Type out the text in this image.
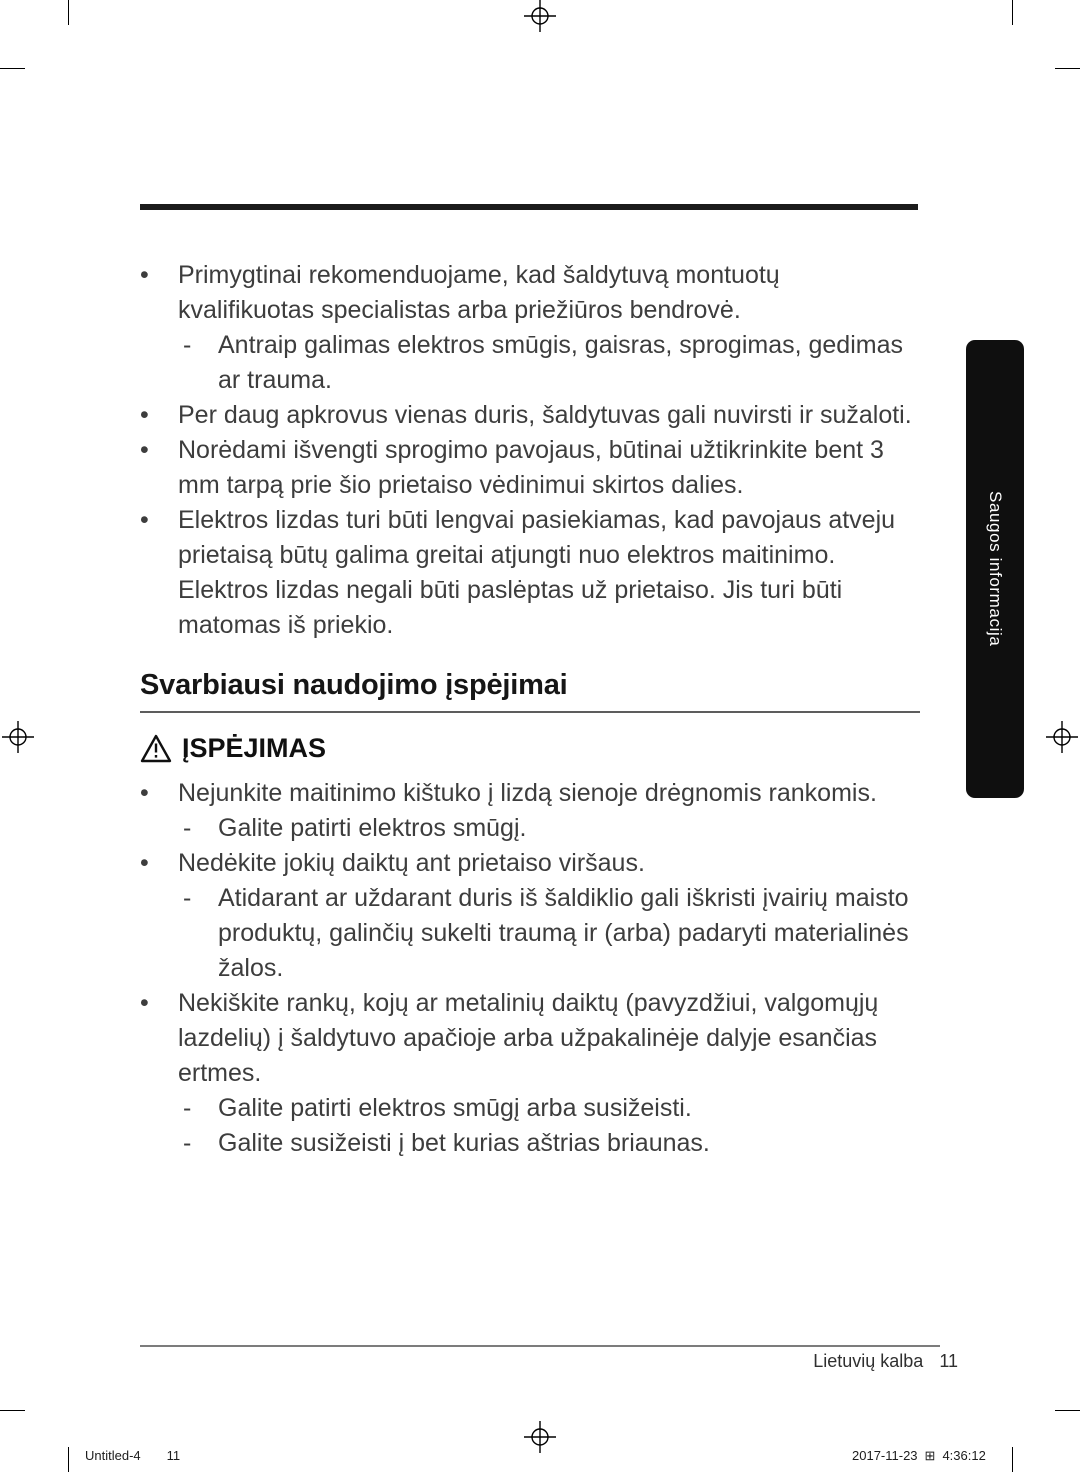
•	Primygtinai rekomenduojame, kad šaldytuvą montuotų kvalifikuotas specialistas arba priežiūros bendrovė.
-	Antraip galimas elektros smūgis, gaisras, sprogimas, gedimas ar trauma.
•	Per daug apkrovus vienas duris, šaldytuvas gali nuvirsti ir sužaloti.
•	Norėdami išvengti sprogimo pavojaus, būtinai užtikrinkite bent 3 mm tarpą prie šio prietaiso vėdinimui skirtos dalies.
•	Elektros lizdas turi būti lengvai pasiekiamas, kad pavojaus atveju prietaisą būtų galima greitai atjungti nuo elektros maitinimo. Elektros lizdas negali būti paslėptas už prietaiso. Jis turi būti matomas iš priekio.
Svarbiausi naudojimo įspėjimai
ĮSPĖJIMAS
•	Nejunkite maitinimo kištuko į lizdą sienoje drėgnomis rankomis.
-	Galite patirti elektros smūgį.
•	Nedėkite jokių daiktų ant prietaiso viršaus.
-	Atidarant ar uždarant duris iš šaldiklio gali iškristi įvairių maisto produktų, galinčių sukelti traumą ir (arba) padaryti materialinės žalos.
•	Nekiškite rankų, kojų ar metalinių daiktų (pavyzdžiui, valgomųjų lazdelių) į šaldytuvo apačioje arba užpakalinėje dalyje esančias ertmes.
-	Galite patirti elektros smūgį arba susižeisti.
-	Galite susižeisti į bet kurias aštrias briaunas.
Saugos informacija
Lietuvių kalba 11
Untitled-4 11	2017-11-23 ⊞ 4:36:12
